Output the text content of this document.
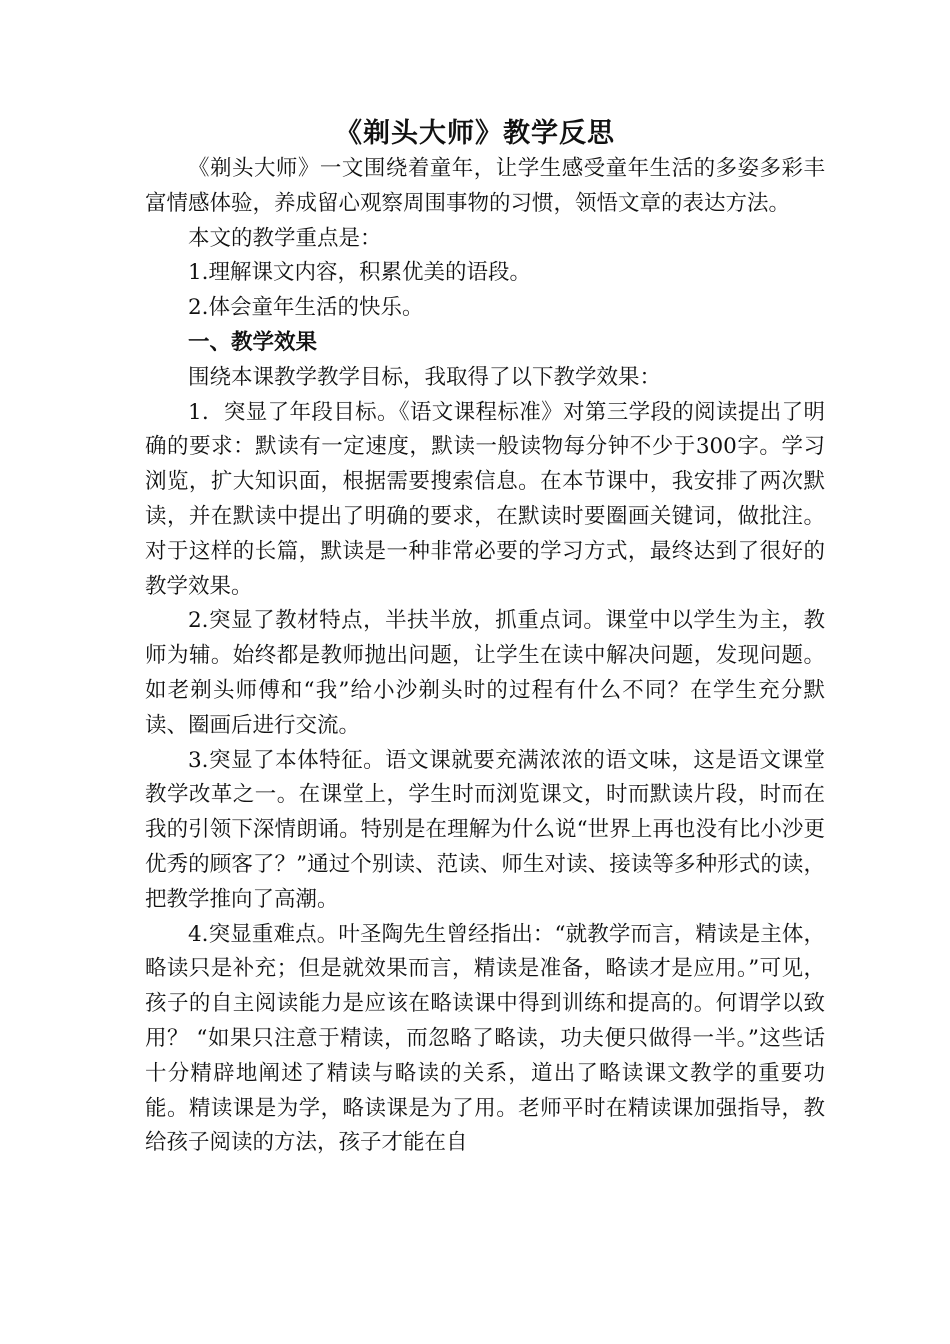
《剃头大师》教学反思

《剃头大师》一文围绕着童年，让学生感受童年生活的多姿多彩丰富情感体验，养成留心观察周围事物的习惯，领悟文章的表达方法。

本文的教学重点是：

1.理解课文内容，积累优美的语段。

2.体会童年生活的快乐。

一、教学效果

围绕本课教学教学目标，我取得了以下教学效果：

1．突显了年段目标。《语文课程标准》对第三学段的阅读提出了明确的要求：默读有一定速度，默读一般读物每分钟不少于300字。学习浏览，扩大知识面，根据需要搜索信息。在本节课中，我安排了两次默读，并在默读中提出了明确的要求，在默读时要圈画关键词，做批注。对于这样的长篇，默读是一种非常必要的学习方式，最终达到了很好的教学效果。

2.突显了教材特点，半扶半放，抓重点词。课堂中以学生为主，教师为辅。始终都是教师抛出问题，让学生在读中解决问题，发现问题。如老剃头师傅和“我”给小沙剃头时的过程有什么不同？在学生充分默读、圈画后进行交流。

3.突显了本体特征。语文课就要充满浓浓的语文味，这是语文课堂教学改革之一。在课堂上，学生时而浏览课文，时而默读片段，时而在我的引领下深情朗诵。特别是在理解为什么说“世界上再也没有比小沙更优秀的顾客了？”通过个别读、范读、师生对读、接读等多种形式的读，把教学推向了高潮。

4.突显重难点。叶圣陶先生曾经指出：“就教学而言，精读是主体，略读只是补充；但是就效果而言，精读是准备，略读才是应用。”可见，孩子的自主阅读能力是应该在略读课中得到训练和提高的。何谓学以致用？ “如果只注意于精读，而忽略了略读，功夫便只做得一半。”这些话十分精辟地阐述了精读与略读的关系，道出了略读课文教学的重要功能。精读课是为学，略读课是为了用。老师平时在精读课加强指导，教给孩子阅读的方法，孩子才能在自
